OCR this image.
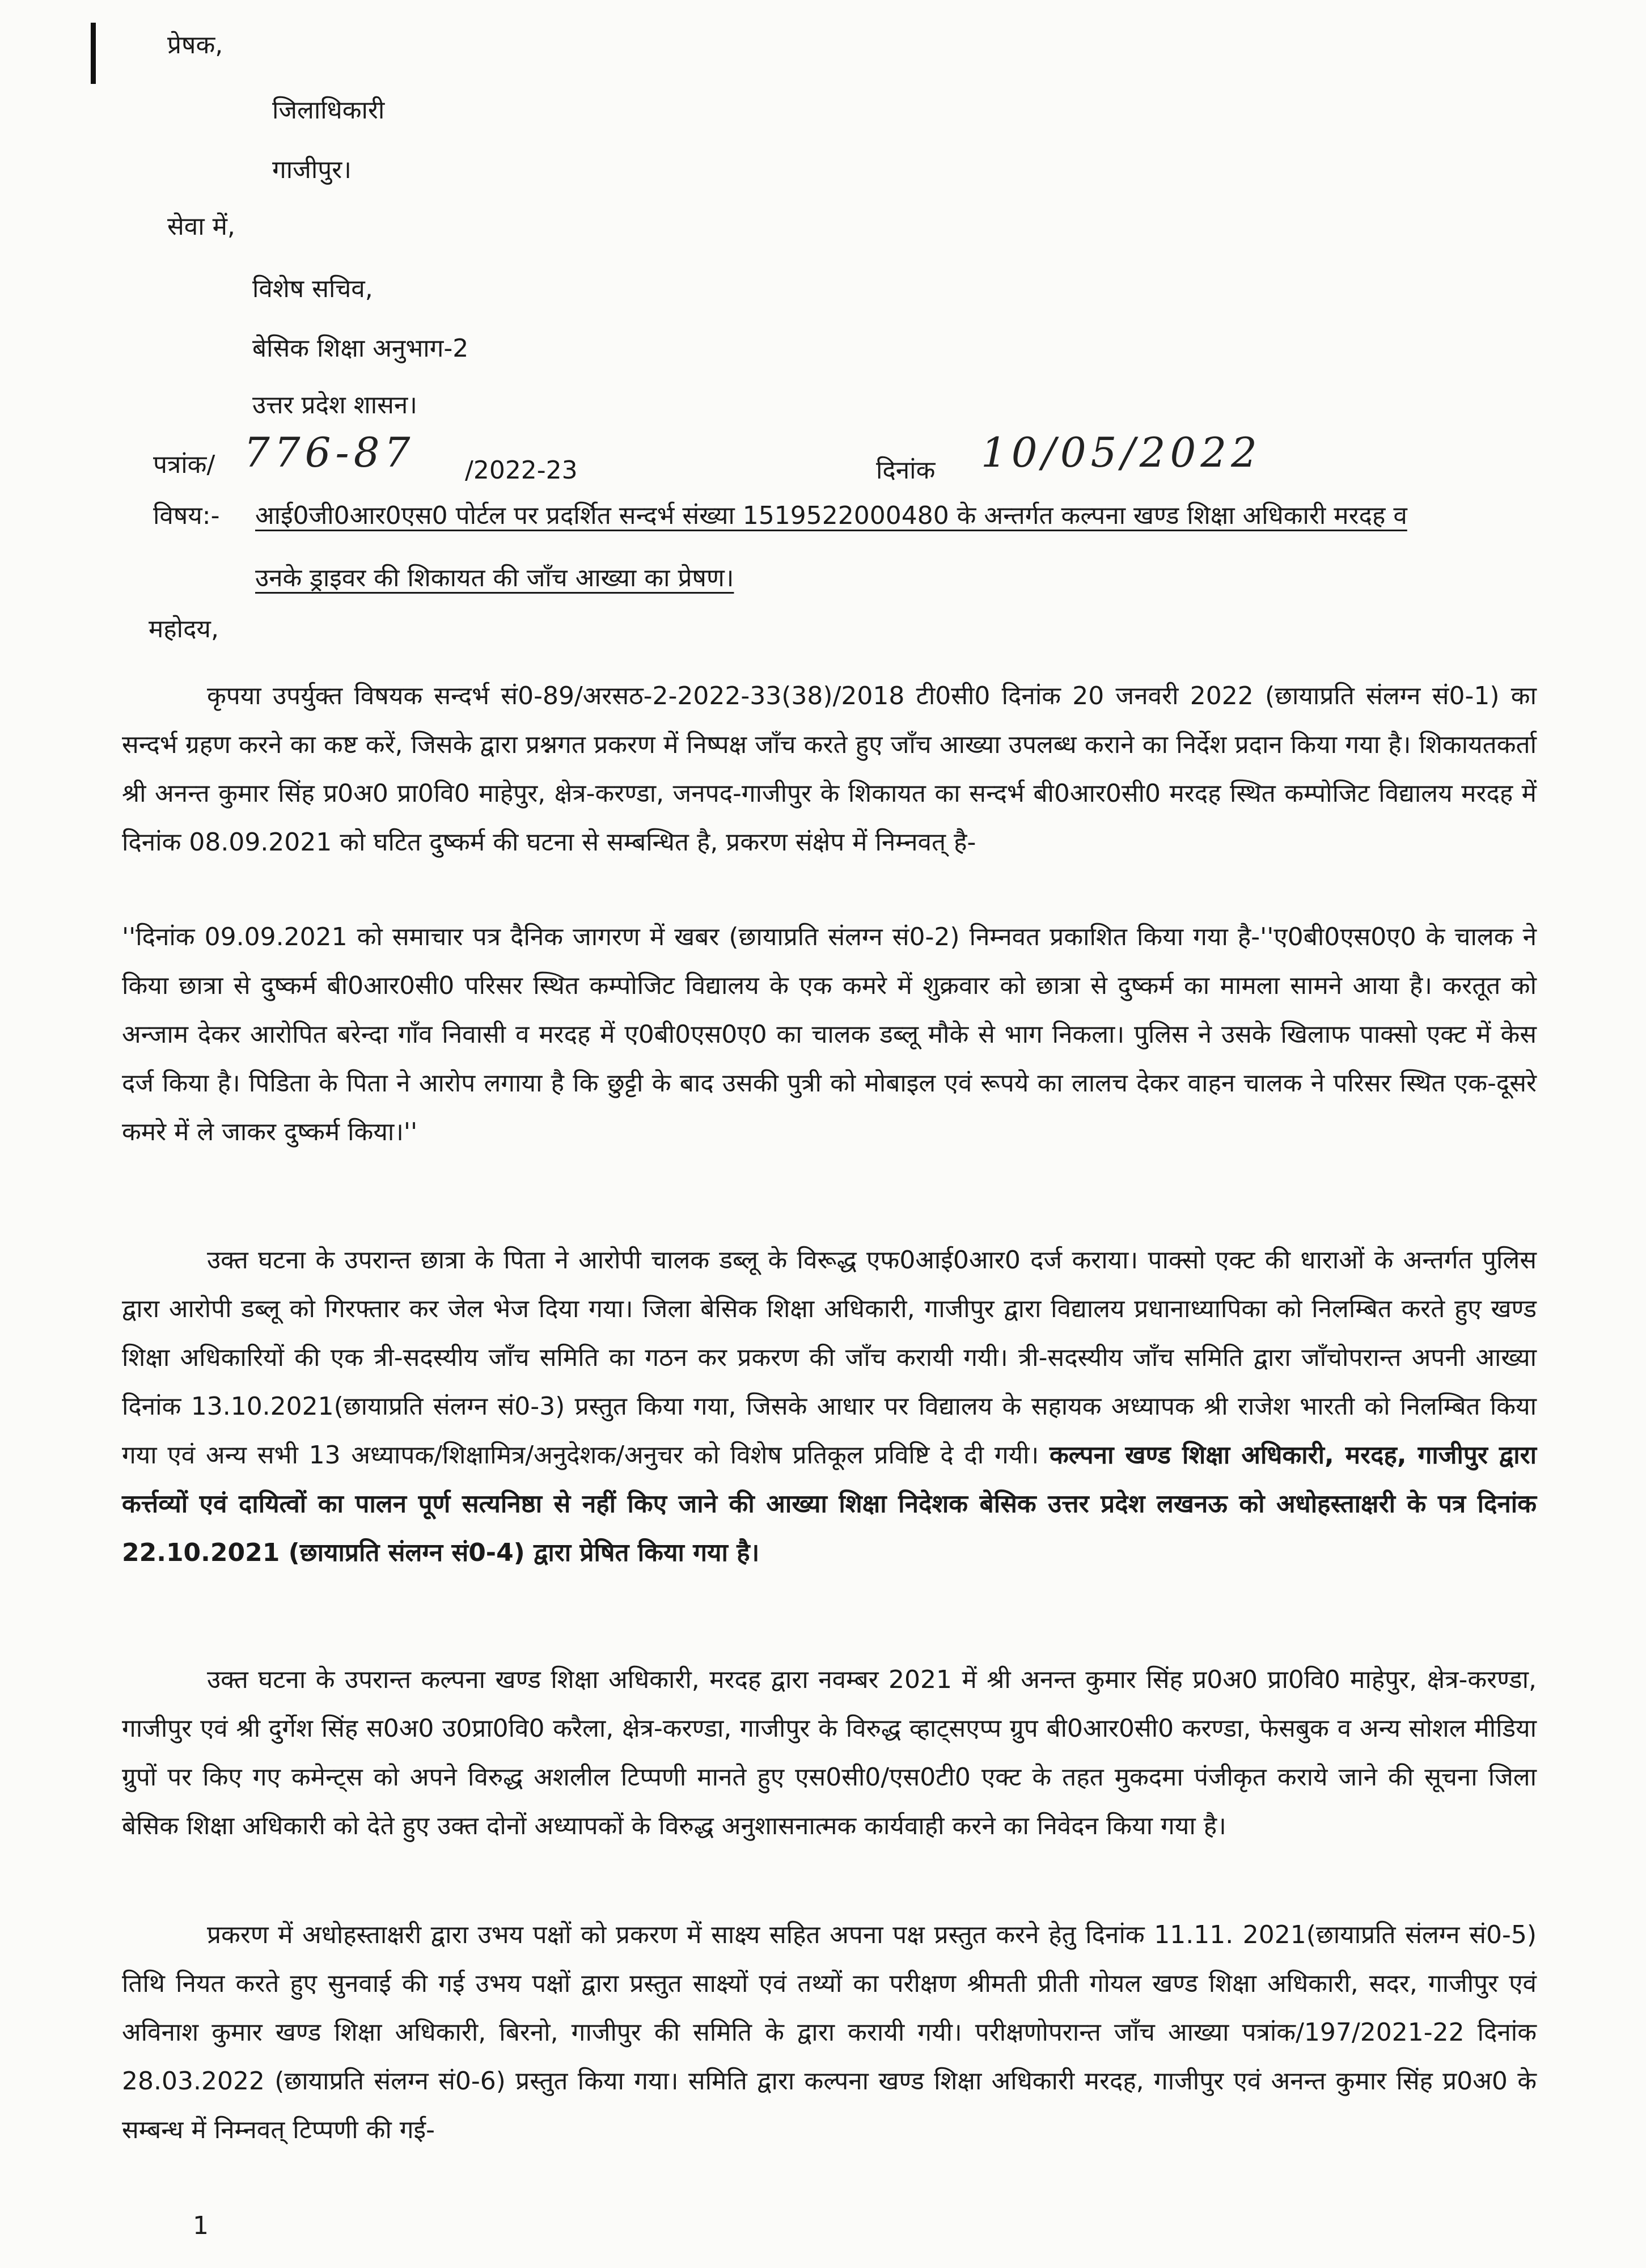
प्रेषक,
जिलाधिकारी
गाजीपुर।
सेवा में,
विशेष सचिव,
बेसिक शिक्षा अनुभाग-2
उत्तर प्रदेश शासन।
पत्रांक/ 776-87 /2022-23	दिनांक 10/05/2022
विषय:- आई0जी0आर0एस0 पोर्टल पर प्रदर्शित सन्दर्भ संख्या 1519522000480 के अन्तर्गत कल्पना खण्ड शिक्षा अधिकारी मरदह व
उनके ड्राइवर की शिकायत की जाँच आख्या का प्रेषण।
महोदय,
कृपया उपर्युक्त विषयक सन्दर्भ सं0-89/अरसठ-2-2022-33(38)/2018 टी0सी0 दिनांक 20 जनवरी 2022 (छायाप्रति संलग्न सं0-1) का सन्दर्भ ग्रहण करने का कष्ट करें, जिसके द्वारा प्रश्नगत प्रकरण में निष्पक्ष जाँच करते हुए जाँच आख्या उपलब्ध कराने का निर्देश प्रदान किया गया है। शिकायतकर्ता श्री अनन्त कुमार सिंह प्र0अ0 प्रा0वि0 माहेपुर, क्षेत्र-करण्डा, जनपद-गाजीपुर के शिकायत का सन्दर्भ बी0आर0सी0 मरदह स्थित कम्पोजिट विद्यालय मरदह में दिनांक 08.09.2021 को घटित दुष्कर्म की घटना से सम्बन्धित है, प्रकरण संक्षेप में निम्नवत् है-
''दिनांक 09.09.2021 को समाचार पत्र दैनिक जागरण में खबर (छायाप्रति संलग्न सं0-2) निम्नवत प्रकाशित किया गया है-''ए0बी0एस0ए0 के चालक ने किया छात्रा से दुष्कर्म बी0आर0सी0 परिसर स्थित कम्पोजिट विद्यालय के एक कमरे में शुक्रवार को छात्रा से दुष्कर्म का मामला सामने आया है। करतूत को अन्जाम देकर आरोपित बरेन्दा गाँव निवासी व मरदह में ए0बी0एस0ए0 का चालक डब्लू मौके से भाग निकला। पुलिस ने उसके खिलाफ पाक्सो एक्ट में केस दर्ज किया है। पिडिता के पिता ने आरोप लगाया है कि छुट्टी के बाद उसकी पुत्री को मोबाइल एवं रूपये का लालच देकर वाहन चालक ने परिसर स्थित एक-दूसरे कमरे में ले जाकर दुष्कर्म किया।''
उक्त घटना के उपरान्त छात्रा के पिता ने आरोपी चालक डब्लू के विरूद्ध एफ0आई0आर0 दर्ज कराया। पाक्सो एक्ट की धाराओं के अन्तर्गत पुलिस द्वारा आरोपी डब्लू को गिरफ्तार कर जेल भेज दिया गया। जिला बेसिक शिक्षा अधिकारी, गाजीपुर द्वारा विद्यालय प्रधानाध्यापिका को निलम्बित करते हुए खण्ड शिक्षा अधिकारियों की एक त्री-सदस्यीय जाँच समिति का गठन कर प्रकरण की जाँच करायी गयी। त्री-सदस्यीय जाँच समिति द्वारा जाँचोपरान्त अपनी आख्या दिनांक 13.10.2021(छायाप्रति संलग्न सं0-3) प्रस्तुत किया गया, जिसके आधार पर विद्यालय के सहायक अध्यापक श्री राजेश भारती को निलम्बित किया गया एवं अन्य सभी 13 अध्यापक/शिक्षामित्र/अनुदेशक/अनुचर को विशेष प्रतिकूल प्रविष्टि दे दी गयी। कल्पना खण्ड शिक्षा अधिकारी, मरदह, गाजीपुर द्वारा कर्त्तव्यों एवं दायित्वों का पालन पूर्ण सत्यनिष्ठा से नहीं किए जाने की आख्या शिक्षा निदेशक बेसिक उत्तर प्रदेश लखनऊ को अधोहस्ताक्षरी के पत्र दिनांक 22.10.2021 (छायाप्रति संलग्न सं0-4) द्वारा प्रेषित किया गया है।
उक्त घटना के उपरान्त कल्पना खण्ड शिक्षा अधिकारी, मरदह द्वारा नवम्बर 2021 में श्री अनन्त कुमार सिंह प्र0अ0 प्रा0वि0 माहेपुर, क्षेत्र-करण्डा, गाजीपुर एवं श्री दुर्गेश सिंह स0अ0 उ0प्रा0वि0 करैला, क्षेत्र-करण्डा, गाजीपुर के विरुद्ध व्हाट्सएप्प ग्रुप बी0आर0सी0 करण्डा, फेसबुक व अन्य सोशल मीडिया ग्रुपों पर किए गए कमेन्ट्स को अपने विरुद्ध अशलील टिप्पणी मानते हुए एस0सी0/एस0टी0 एक्ट के तहत मुकदमा पंजीकृत कराये जाने की सूचना जिला बेसिक शिक्षा अधिकारी को देते हुए उक्त दोनों अध्यापकों के विरुद्ध अनुशासनात्मक कार्यवाही करने का निवेदन किया गया है।
प्रकरण में अधोहस्ताक्षरी द्वारा उभय पक्षों को प्रकरण में साक्ष्य सहित अपना पक्ष प्रस्तुत करने हेतु दिनांक 11.11. 2021(छायाप्रति संलग्न सं0-5) तिथि नियत करते हुए सुनवाई की गई उभय पक्षों द्वारा प्रस्तुत साक्ष्यों एवं तथ्यों का परीक्षण श्रीमती प्रीती गोयल खण्ड शिक्षा अधिकारी, सदर, गाजीपुर एवं अविनाश कुमार खण्ड शिक्षा अधिकारी, बिरनो, गाजीपुर की समिति के द्वारा करायी गयी। परीक्षणोपरान्त जाँच आख्या पत्रांक/197/2021-22 दिनांक 28.03.2022 (छायाप्रति संलग्न सं0-6) प्रस्तुत किया गया। समिति द्वारा कल्पना खण्ड शिक्षा अधिकारी मरदह, गाजीपुर एवं अनन्त कुमार सिंह प्र0अ0 के सम्बन्ध में निम्नवत् टिप्पणी की गई-
1
